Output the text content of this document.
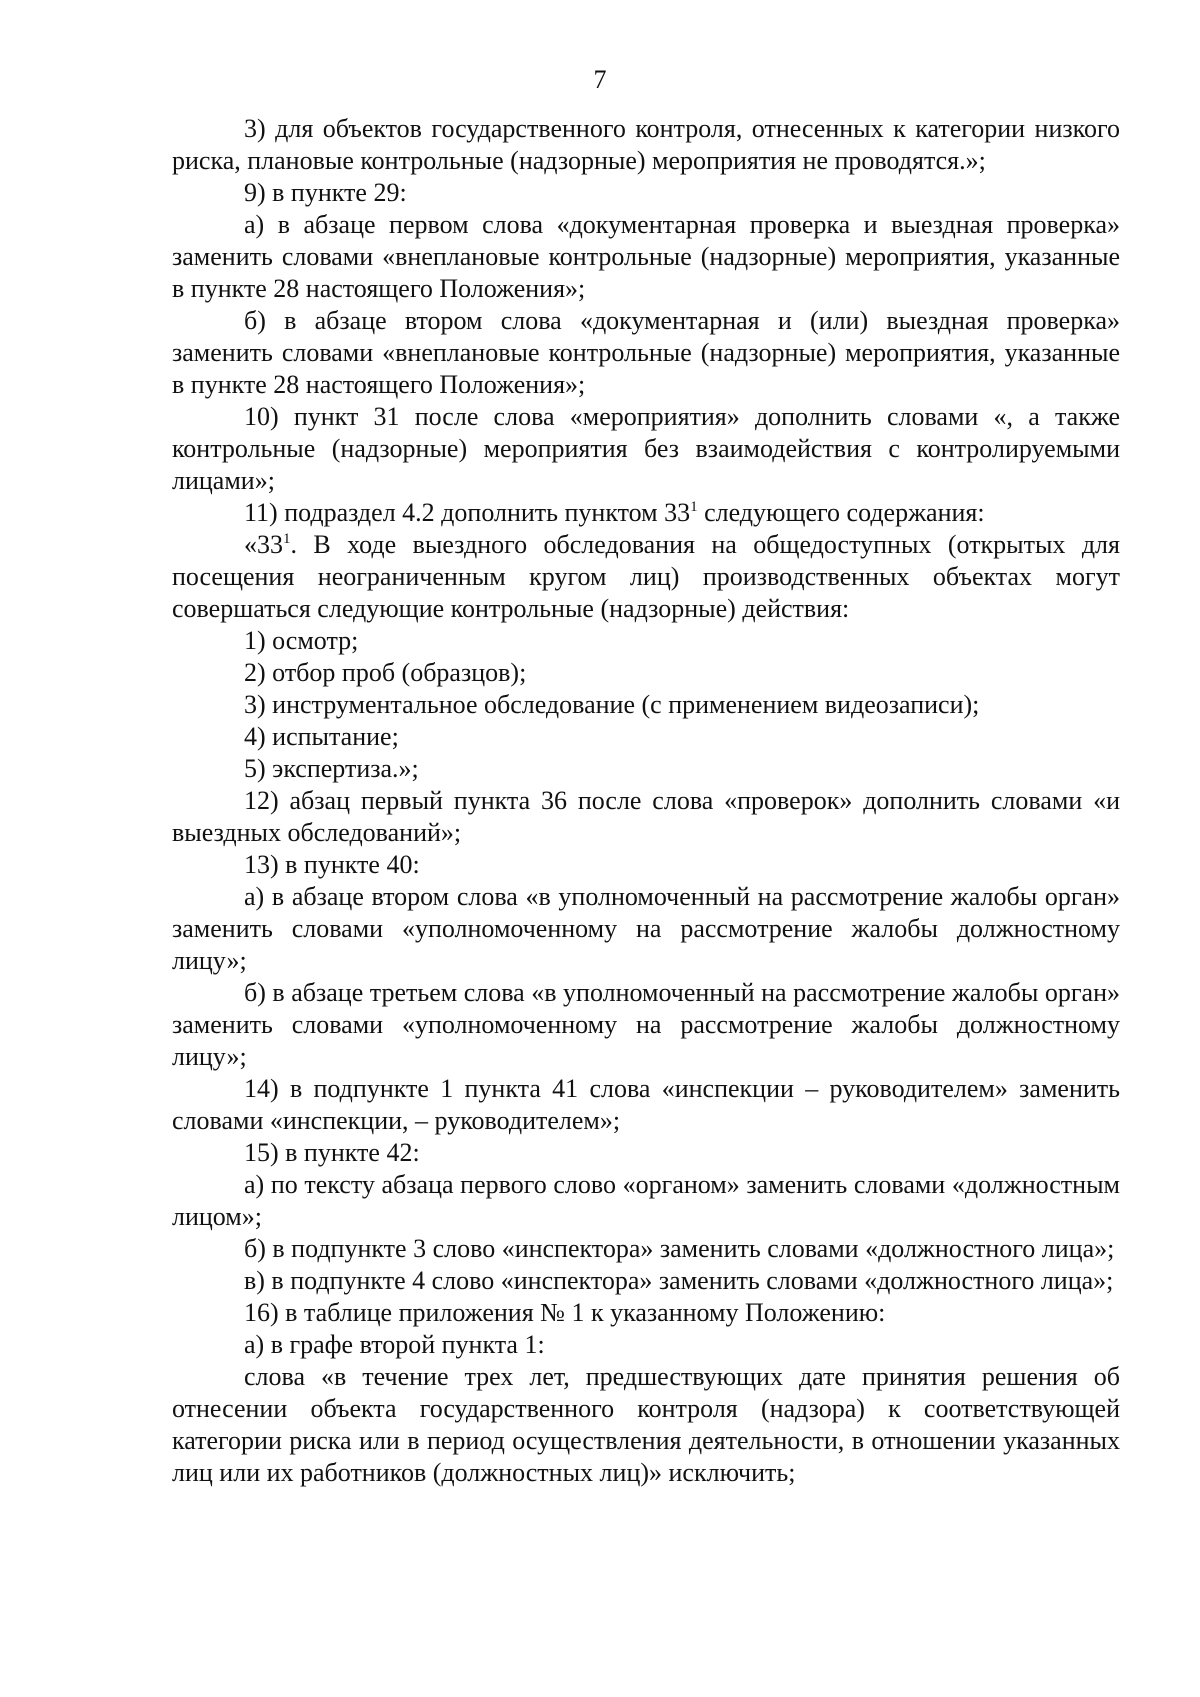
7

3) для объектов государственного контроля, отнесенных к категории низкого риска, плановые контрольные (надзорные) мероприятия не проводятся.»;

9) в пункте 29:

а) в абзаце первом слова «документарная проверка и выездная проверка» заменить словами «внеплановые контрольные (надзорные) мероприятия, указанные в пункте 28 настоящего Положения»;

б) в абзаце втором слова «документарная и (или) выездная проверка» заменить словами «внеплановые контрольные (надзорные) мероприятия, указанные в пункте 28 настоящего Положения»;

10) пункт 31 после слова «мероприятия» дополнить словами «, а также контрольные (надзорные) мероприятия без взаимодействия с контролируемыми лицами»;

11) подраздел 4.2 дополнить пунктом $33^1$ следующего содержания:

«$33^1$. В ходе выездного обследования на общедоступных (открытых для посещения неограниченным кругом лиц) производственных объектах могут совершаться следующие контрольные (надзорные) действия:

1) осмотр;

2) отбор проб (образцов);

3) инструментальное обследование (с применением видеозаписи);

4) испытание;

5) экспертиза.»;

12) абзац первый пункта 36 после слова «проверок» дополнить словами «и выездных обследований»;

13) в пункте 40:

а) в абзаце втором слова «в уполномоченный на рассмотрение жалобы орган» заменить словами «уполномоченному на рассмотрение жалобы должностному лицу»;

б) в абзаце третьем слова «в уполномоченный на рассмотрение жалобы орган» заменить словами «уполномоченному на рассмотрение жалобы должностному лицу»;

14) в подпункте 1 пункта 41 слова «инспекции – руководителем» заменить словами «инспекции, – руководителем»;

15) в пункте 42:

а) по тексту абзаца первого слово «органом» заменить словами «должностным лицом»;

б) в подпункте 3 слово «инспектора» заменить словами «должностного лица»;

в) в подпункте 4 слово «инспектора» заменить словами «должностного лица»;

16) в таблице приложения № 1 к указанному Положению:

а) в графе второй пункта 1:

слова «в течение трех лет, предшествующих дате принятия решения об отнесении объекта государственного контроля (надзора) к соответствующей категории риска или в период осуществления деятельности, в отношении указанных лиц или их работников (должностных лиц)» исключить;
